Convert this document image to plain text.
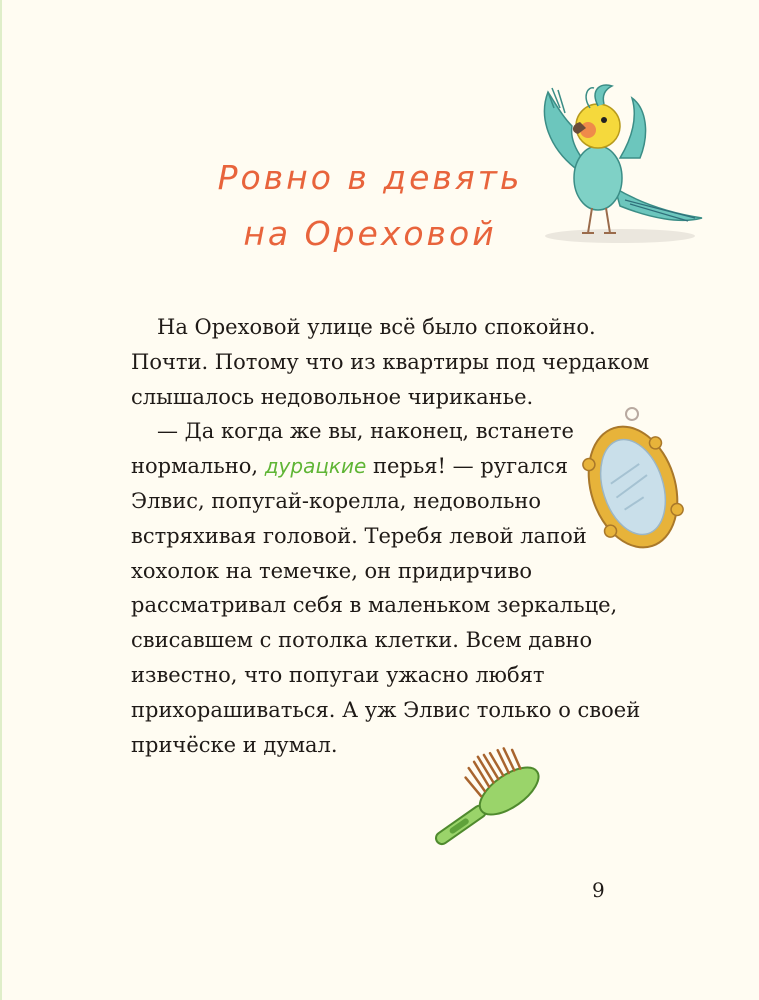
Ровно в девять
на Ореховой
На Ореховой улице всё было спокойно.
Почти. Потому что из квартиры под чердаком
слышалось недовольное чириканье.
— Да когда же вы, наконец, встанете
нормально, дурацкие перья! — ругался
Элвис, попугай-корелла, недовольно
встряхивая головой. Теребя левой лапой
хохолок на темечке, он придирчиво
рассматривал себя в маленьком зеркальце,
свисавшем с потолка клетки. Всем давно
известно, что попугаи ужасно любят
прихорашиваться. А уж Элвис только о своей
причёске и думал.
9
